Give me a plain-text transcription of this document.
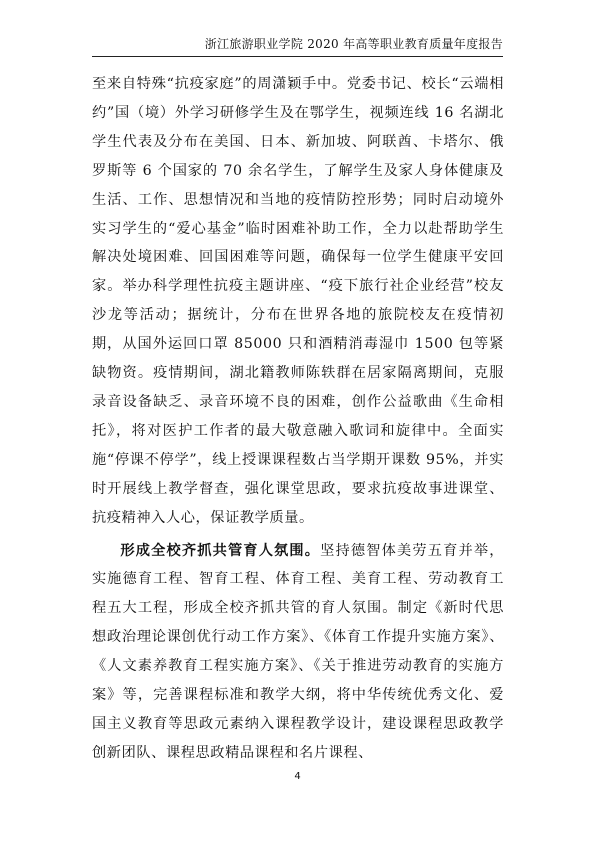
浙江旅游职业学院 2020 年高等职业教育质量年度报告

至来自特殊“抗疫家庭”的周潇颖手中。党委书记、校长“云端相约”国（境）外学习研修学生及在鄂学生，视频连线 16 名湖北学生代表及分布在美国、日本、新加坡、阿联酋、卡塔尔、俄罗斯等 6 个国家的 70 余名学生，了解学生及家人身体健康及生活、工作、思想情况和当地的疫情防控形势；同时启动境外实习学生的“爱心基金”临时困难补助工作，全力以赴帮助学生解决处境困难、回国困难等问题，确保每一位学生健康平安回家。举办科学理性抗疫主题讲座、“疫下旅行社企业经营”校友沙龙等活动；据统计，分布在世界各地的旅院校友在疫情初期，从国外运回口罩 85000 只和酒精消毒湿巾 1500 包等紧缺物资。疫情期间，湖北籍教师陈轶群在居家隔离期间，克服录音设备缺乏、录音环境不良的困难，创作公益歌曲《生命相托》，将对医护工作者的最大敬意融入歌词和旋律中。全面实施“停课不停学”，线上授课课程数占当学期开课数 95%，并实时开展线上教学督查，强化课堂思政，要求抗疫故事进课堂、抗疫精神入人心，保证教学质量。

形成全校齐抓共管育人氛围。坚持德智体美劳五育并举，实施德育工程、智育工程、体育工程、美育工程、劳动教育工程五大工程，形成全校齐抓共管的育人氛围。制定《新时代思想政治理论课创优行动工作方案》、《体育工作提升实施方案》、《人文素养教育工程实施方案》、《关于推进劳动教育的实施方案》等，完善课程标准和教学大纲，将中华传统优秀文化、爱国主义教育等思政元素纳入课程教学设计，建设课程思政教学创新团队、课程思政精品课程和名片课程、

4
